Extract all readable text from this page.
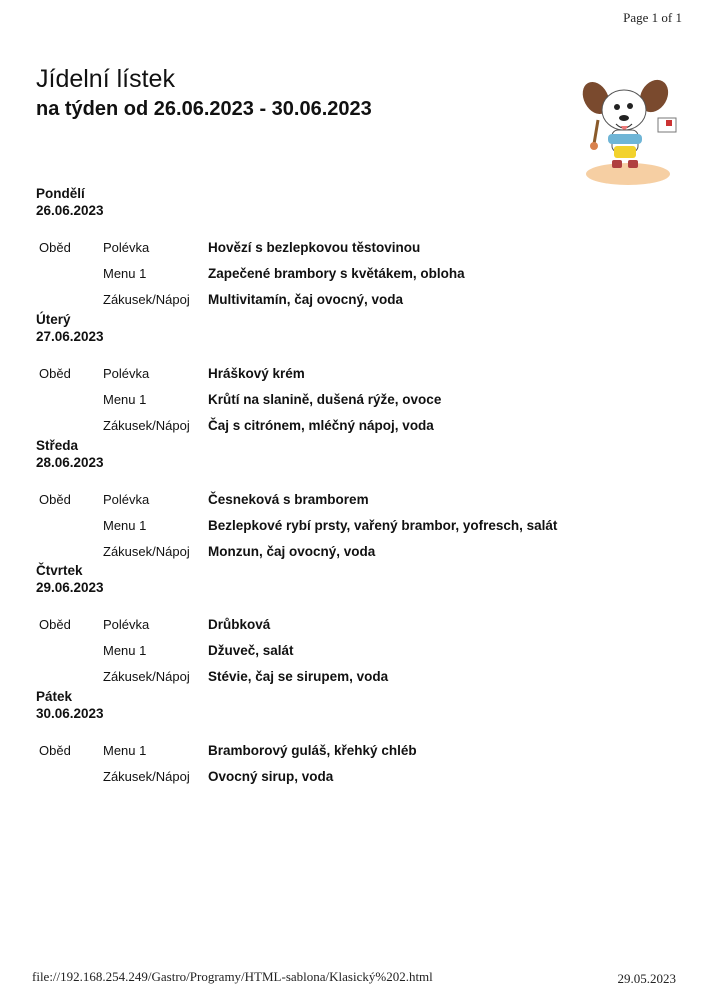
Page 1 of 1
Jídelní lístek
na týden od 26.06.2023 - 30.06.2023
Pondělí
26.06.2023
Oběd Polévka	Hovězí s bezlepkovou těstovinou
Menu 1	Zapečené brambory s květákem, obloha
Zákusek/Nápoj Multivitamín, čaj ovocný, voda
Úterý
27.06.2023
Oběd Polévka	Hráškový krém
Menu 1	Krůtí na slanině, dušená rýže, ovoce
Zákusek/Nápoj Čaj s citrónem, mléčný nápoj, voda
Středa
28.06.2023
Oběd Polévka	Česneková s bramborem
Menu 1	Bezlepkové rybí prsty, vařený brambor, yofresch, salát
Zákusek/Nápoj Monzun, čaj ovocný, voda
Čtvrtek
29.06.2023
Oběd Polévka	Drůbková
Menu 1	Džuveč, salát
Zákusek/Nápoj Stévie, čaj se sirupem, voda
Pátek
30.06.2023
Oběd Menu 1	Bramborový guláš, křehký chléb
Zákusek/Nápoj Ovocný sirup, voda
file://192.168.254.249/Gastro/Programy/HTML-sablona/Klasický%202.html	29.05.2023
